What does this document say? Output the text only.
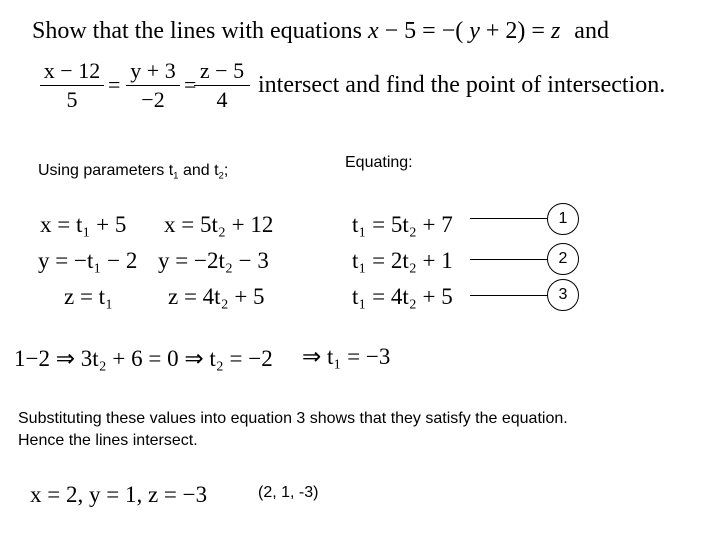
Show that the lines with equations x − 5 = −( y + 2) = z and
x − 12
5
=
y + 3
−2
=
z − 5
4
intersect and find the point of intersection.
Using parameters $t_1$ and $t_2$;	Equating:
x = t₁ + 5
y = −t₁ − 2
z = t₁
x = 5t₂ + 12
y = −2t₂ − 3
z = 4t₂ + 5
t₁ = 5t₂ + 7
t₁ = 2t₂ + 1
t₁ = 4t₂ + 5
1
2
3
1−2 ⇒ 3t₂ + 6 = 0 ⇒ t₂ = −2 ⇒ t₁ = −3
Substituting these values into equation 3 shows that they satisfy the equation.
Hence the lines intersect.
x = 2, y = 1, z = −3	(2, 1, -3)
